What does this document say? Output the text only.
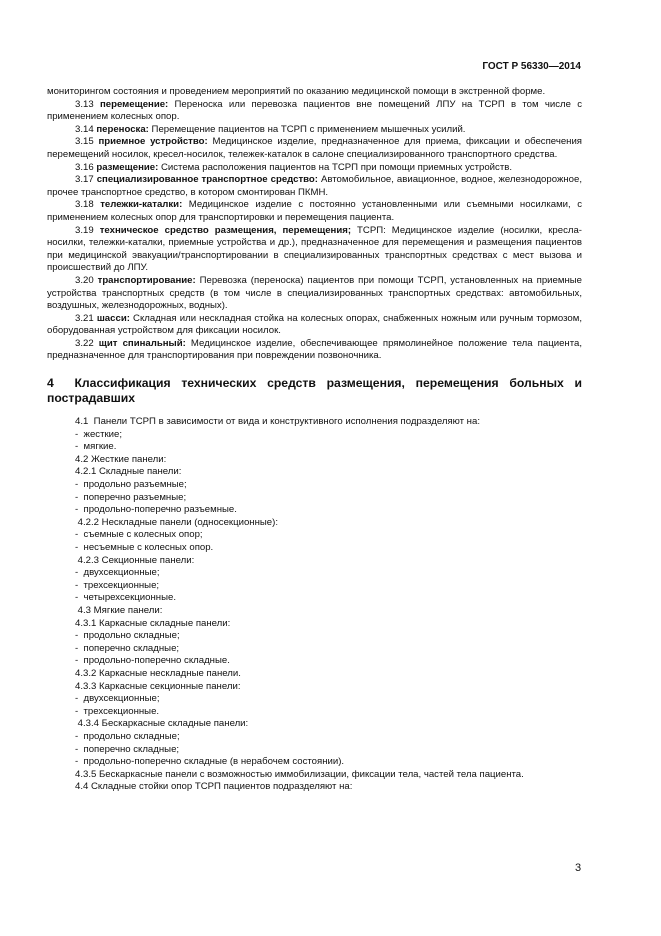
ГОСТ Р 56330—2014

мониторингом состояния и проведением мероприятий по оказанию медицинской помощи в экстренной форме.

3.13 перемещение: Переноска или перевозка пациентов вне помещений ЛПУ на ТСРП в том числе с применением колесных опор.

3.14 переноска: Перемещение пациентов на ТСРП с применением мышечных усилий.

3.15 приемное устройство: Медицинское изделие, предназначенное для приема, фиксации и обеспечения перемещений носилок, кресел-носилок, тележек-каталок в салоне специализированного транспортного средства.

3.16 размещение: Система расположения пациентов на ТСРП при помощи приемных устройств.

3.17 специализированное транспортное средство: Автомобильное, авиационное, водное, железнодорожное, прочее транспортное средство, в котором смонтирован ПКМН.

3.18 тележки-каталки: Медицинское изделие с постоянно установленными или съемными носилками, с применением колесных опор для транспортировки и перемещения пациента.

3.19 техническое средство размещения, перемещения; ТСРП: Медицинское изделие (носилки, кресла-носилки, тележки-каталки, приемные устройства и др.), предназначенное для перемещения и размещения пациентов при медицинской эвакуации/транспортировании в специализированных транспортных средствах с мест вызова и происшествий до ЛПУ.

3.20 транспортирование: Перевозка (переноска) пациентов при помощи ТСРП, установленных на приемные устройства транспортных средств (в том числе в специализированных транспортных средствах: автомобильных, воздушных, железнодорожных, водных).

3.21 шасси: Складная или нескладная стойка на колесных опорах, снабженных ножным или ручным тормозом, оборудованная устройством для фиксации носилок.

3.22 щит спинальный: Медицинское изделие, обеспечивающее прямолинейное положение тела пациента, предназначенное для транспортирования при повреждении позвоночника.

4 Классификация технических средств размещения, перемещения больных и пострадавших

4.1  Панели ТСРП в зависимости от вида и конструктивного исполнения подразделяют на:

-  жесткие;

-  мягкие.

4.2 Жесткие панели:

4.2.1 Складные панели:

-  продольно разъемные;

-  поперечно разъемные;

-  продольно-поперечно разъемные.

4.2.2 Нескладные панели (односекционные):

-  съемные с колесных опор;

-  несъемные с колесных опор.

4.2.3 Секционные панели:

-  двухсекционные;

-  трехсекционные;

-  четырехсекционные.

4.3 Мягкие панели:

4.3.1 Каркасные складные панели:

-  продольно складные;

-  поперечно складные;

-  продольно-поперечно складные.

4.3.2 Каркасные нескладные панели.

4.3.3 Каркасные секционные панели:

-  двухсекционные;

-  трехсекционные.

4.3.4 Бескаркасные складные панели:

-  продольно складные;

-  поперечно складные;

-  продольно-поперечно складные (в нерабочем состоянии).

4.3.5 Бескаркасные панели с возможностью иммобилизации, фиксации тела, частей тела пациента.

4.4 Складные стойки опор ТСРП пациентов подразделяют на:

3
